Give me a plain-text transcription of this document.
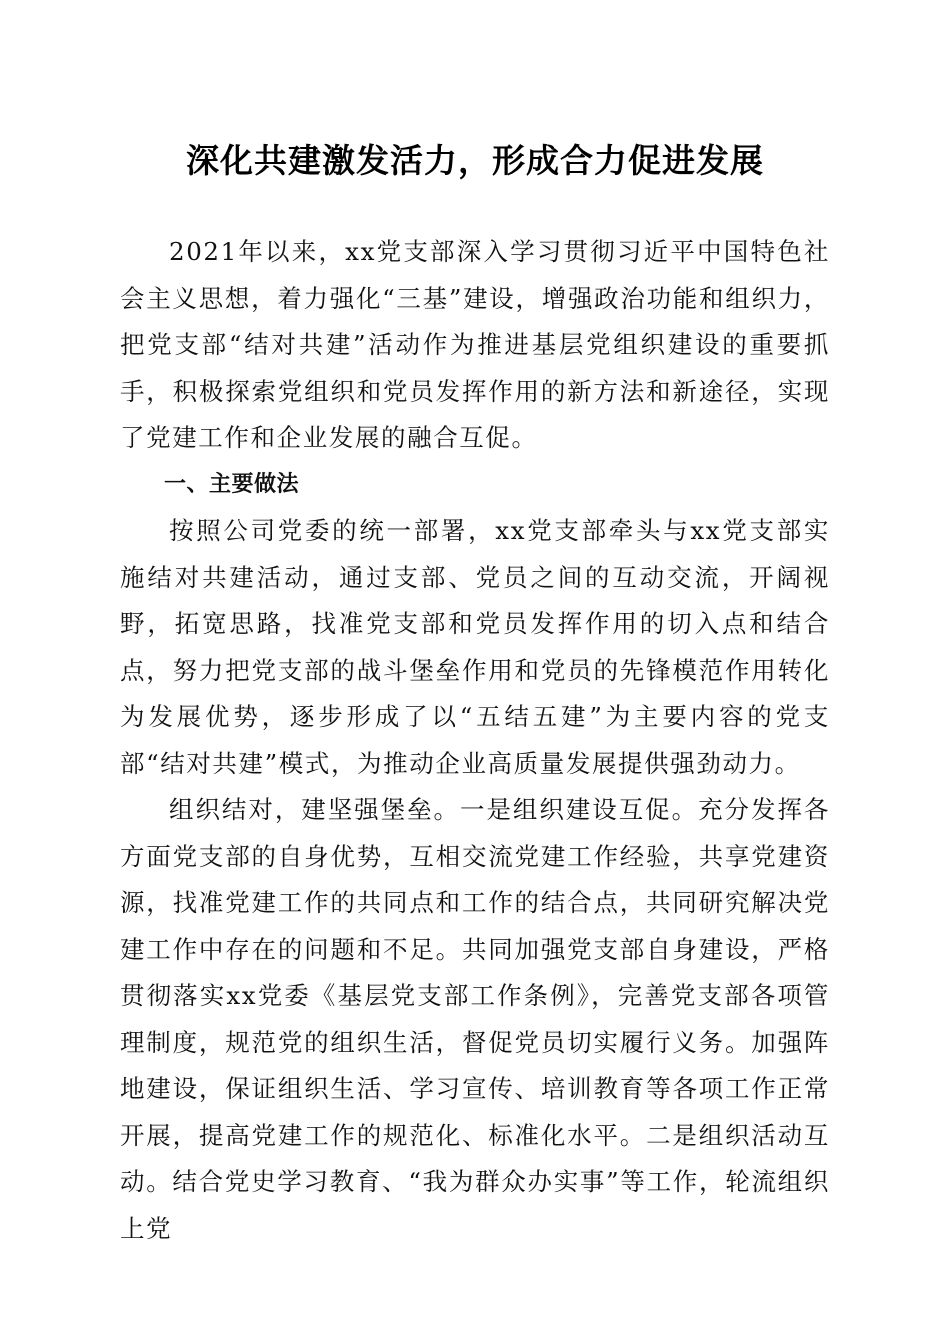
深化共建激发活力，形成合力促进发展

2021年以来，xx党支部深入学习贯彻习近平中国特色社会主义思想，着力强化“三基”建设，增强政治功能和组织力，把党支部“结对共建”活动作为推进基层党组织建设的重要抓手，积极探索党组织和党员发挥作用的新方法和新途径，实现了党建工作和企业发展的融合互促。

一、主要做法

按照公司党委的统一部署，xx党支部牵头与xx党支部实施结对共建活动，通过支部、党员之间的互动交流，开阔视野，拓宽思路，找准党支部和党员发挥作用的切入点和结合点，努力把党支部的战斗堡垒作用和党员的先锋模范作用转化为发展优势，逐步形成了以“五结五建”为主要内容的党支部“结对共建”模式，为推动企业高质量发展提供强劲动力。

组织结对，建坚强堡垒。一是组织建设互促。充分发挥各方面党支部的自身优势，互相交流党建工作经验，共享党建资源，找准党建工作的共同点和工作的结合点，共同研究解决党建工作中存在的问题和不足。共同加强党支部自身建设，严格贯彻落实xx党委《基层党支部工作条例》，完善党支部各项管理制度，规范党的组织生活，督促党员切实履行义务。加强阵地建设，保证组织生活、学习宣传、培训教育等各项工作正常开展，提高党建工作的规范化、标准化水平。二是组织活动互动。结合党史学习教育、“我为群众办实事”等工作，轮流组织上党
